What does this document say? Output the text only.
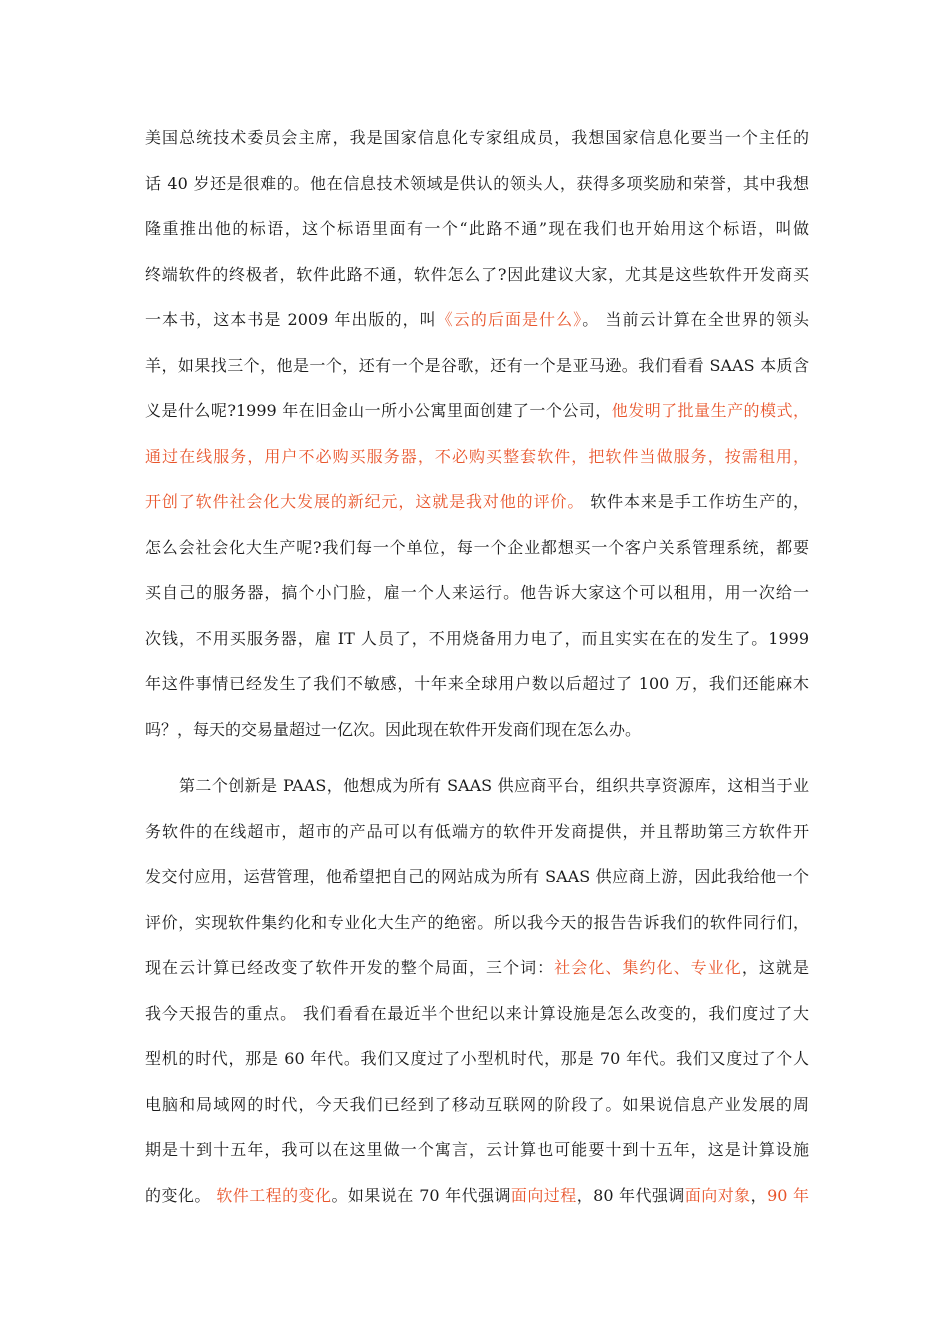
美国总统技术委员会主席，我是国家信息化专家组成员，我想国家信息化要当一个主任的
话 40 岁还是很难的。他在信息技术领域是供认的领头人，获得多项奖励和荣誉，其中我想
隆重推出他的标语，这个标语里面有一个“此路不通”现在我们也开始用这个标语，叫做
终端软件的终极者，软件此路不通，软件怎么了?因此建议大家，尤其是这些软件开发商买
一本书，这本书是 2009 年出版的，叫《云的后面是什么》。 当前云计算在全世界的领头
羊，如果找三个，他是一个，还有一个是谷歌，还有一个是亚马逊。我们看看 SAAS 本质含
义是什么呢?1999 年在旧金山一所小公寓里面创建了一个公司，他发明了批量生产的模式，
通过在线服务，用户不必购买服务器，不必购买整套软件，把软件当做服务，按需租用，
开创了软件社会化大发展的新纪元，这就是我对他的评价。 软件本来是手工作坊生产的，
怎么会社会化大生产呢?我们每一个单位，每一个企业都想买一个客户关系管理系统，都要
买自己的服务器，搞个小门脸，雇一个人来运行。他告诉大家这个可以租用，用一次给一
次钱，不用买服务器，雇 IT 人员了，不用烧备用力电了，而且实实在在的发生了。1999
年这件事情已经发生了我们不敏感，十年来全球用户数以后超过了 100 万，我们还能麻木
吗？，每天的交易量超过一亿次。因此现在软件开发商们现在怎么办。
第二个创新是 PAAS，他想成为所有 SAAS 供应商平台，组织共享资源库，这相当于业
务软件的在线超市，超市的产品可以有低端方的软件开发商提供，并且帮助第三方软件开
发交付应用，运营管理，他希望把自己的网站成为所有 SAAS 供应商上游，因此我给他一个
评价，实现软件集约化和专业化大生产的绝密。所以我今天的报告告诉我们的软件同行们，
现在云计算已经改变了软件开发的整个局面，三个词：社会化、集约化、专业化，这就是
我今天报告的重点。 我们看看在最近半个世纪以来计算设施是怎么改变的，我们度过了大
型机的时代，那是 60 年代。我们又度过了小型机时代，那是 70 年代。我们又度过了个人
电脑和局域网的时代，今天我们已经到了移动互联网的阶段了。如果说信息产业发展的周
期是十到十五年，我可以在这里做一个寓言，云计算也可能要十到十五年，这是计算设施
的变化。 软件工程的变化。如果说在 70 年代强调面向过程，80 年代强调面向对象，90 年
